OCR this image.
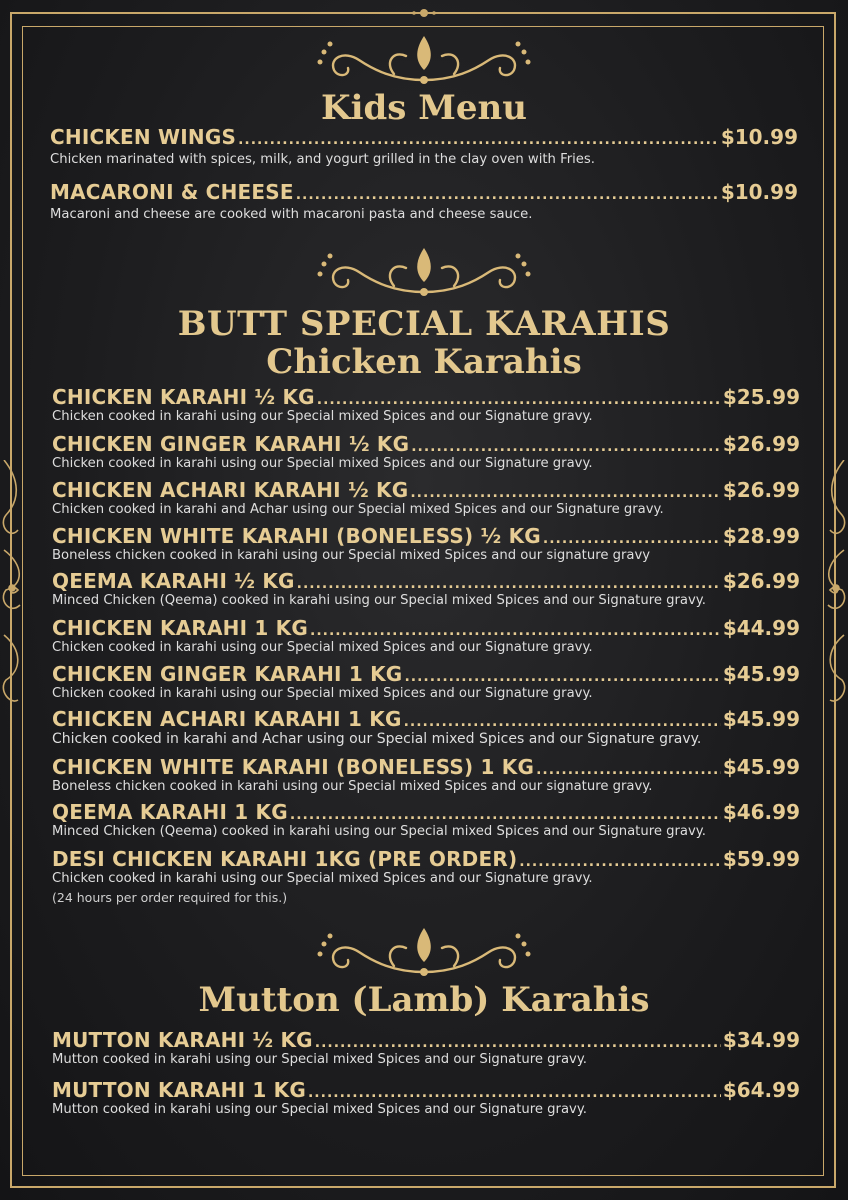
Kids Menu
CHICKEN WINGS .....	$10.99
Chicken marinated with spices, milk, and yogurt grilled in the clay oven with Fries.
MACARONI & CHEESE .....	$10.99
Macaroni and cheese are cooked with macaroni pasta and cheese sauce.
BUTT SPECIAL KARAHIS
Chicken Karahis
CHICKEN KARAHI ½ KG .....	$25.99
Chicken cooked in karahi using our Special mixed Spices and our Signature gravy.
CHICKEN GINGER KARAHI ½ KG .....	$26.99
Chicken cooked in karahi using our Special mixed Spices and our Signature gravy.
CHICKEN ACHARI KARAHI ½ KG .....	$26.99
Chicken cooked in karahi and Achar using our Special mixed Spices and our Signature gravy.
CHICKEN WHITE KARAHI (BONELESS) ½ KG .....	$28.99
Boneless chicken cooked in karahi using our Special mixed Spices and our signature gravy
QEEMA KARAHI ½ KG .....	$26.99
Minced Chicken (Qeema) cooked in karahi using our Special mixed Spices and our Signature gravy.
CHICKEN KARAHI 1 KG .....	$44.99
Chicken cooked in karahi using our Special mixed Spices and our Signature gravy.
CHICKEN GINGER KARAHI 1 KG .....	$45.99
Chicken cooked in karahi using our Special mixed Spices and our Signature gravy.
CHICKEN ACHARI KARAHI 1 KG .....	$45.99
Chicken cooked in karahi and Achar using our Special mixed Spices and our Signature gravy.
CHICKEN WHITE KARAHI (BONELESS) 1 KG .....	$45.99
Boneless chicken cooked in karahi using our Special mixed Spices and our signature gravy.
QEEMA KARAHI 1 KG .....	$46.99
Minced Chicken (Qeema) cooked in karahi using our Special mixed Spices and our Signature gravy.
DESI CHICKEN KARAHI 1KG (PRE ORDER) .....	$59.99
Chicken cooked in karahi using our Special mixed Spices and our Signature gravy.
(24 hours per order required for this.)
Mutton (Lamb) Karahis
MUTTON KARAHI ½ KG .....	$34.99
Mutton cooked in karahi using our Special mixed Spices and our Signature gravy.
MUTTON KARAHI 1 KG .....	$64.99
Mutton cooked in karahi using our Special mixed Spices and our Signature gravy.
